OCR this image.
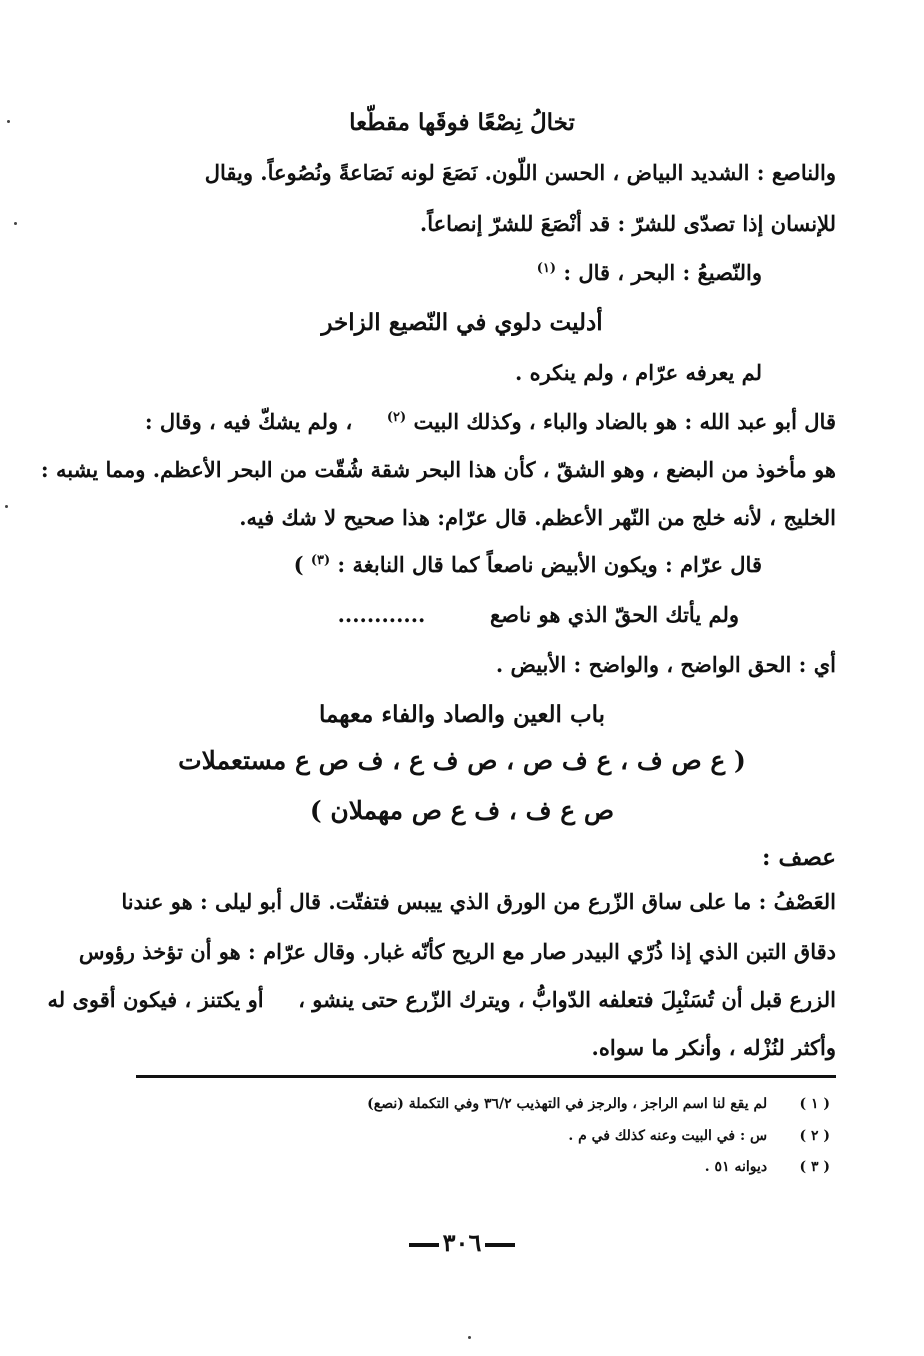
تخالُ نِصْعًا فوقَها مقطّعا
والناصع : الشديد البياض ، الحسن اللّون. نَصَعَ لونه نَصَاعةً ونُصُوعاً. ويقال
للإنسان إذا تصدّى للشرّ : قد أنْصَعَ للشرّ إنصاعاً.
والنّصيعُ : البحر ، قال : $^{(١)}$
أدليت دلوي في النّصيع الزاخر
لم يعرفه عرّام ، ولم ينكره .
قال أبو عبد الله : هو بالضاد والباء ، وكذلك البيت $^{(٢)}$  ، ولم يشكّ فيه ، وقال :
هو مأخوذ من البضع ، وهو الشقّ ، كأن هذا البحر شقة شُقّت من البحر الأعظم. ومما يشبه :
الخليج ، لأنه خلج من النّهر الأعظم. قال عرّام: هذا صحيح لا شك فيه.
قال عرّام : ويكون الأبيض ناصعاً كما قال النابغة : $^{(٣)}$ )
ولم يأتك الحقّ الذي هو ناصع  ............
أي : الحق الواضح ، والواضح : الأبيض .
باب العين والصاد والفاء معهما
( ع ص ف ، ع ف ص ، ص ف ع ، ف ص ع مستعملات
ص ع ف ، ف ع ص مهملان )
عصف :
العَصْفُ : ما على ساق الزّرع من الورق الذي ييبس فتفتّت. قال أبو ليلى : هو عندنا
دقاق التبن الذي إذا ذُرّي البيدر صار مع الريح كأنّه غبار. وقال عرّام : هو أن تؤخذ رؤوس
الزرع قبل أن تُسَنْبِلَ فتعلفه الدّوابُّ ، ويترك الزّرع حتى ينشو ،  أو يكتنز ، فيكون أقوى له
وأكثر لنُزْله ، وأنكر ما سواه.
( ١ ) لم يقع لنا اسم الراجز ، والرجز في التهذيب ٣٦/٢ وفي التكملة (نصع)
( ٢ ) س : في البيت وعنه كذلك في م .
( ٣ ) ديوانه ٥١ .
٣٠٦
